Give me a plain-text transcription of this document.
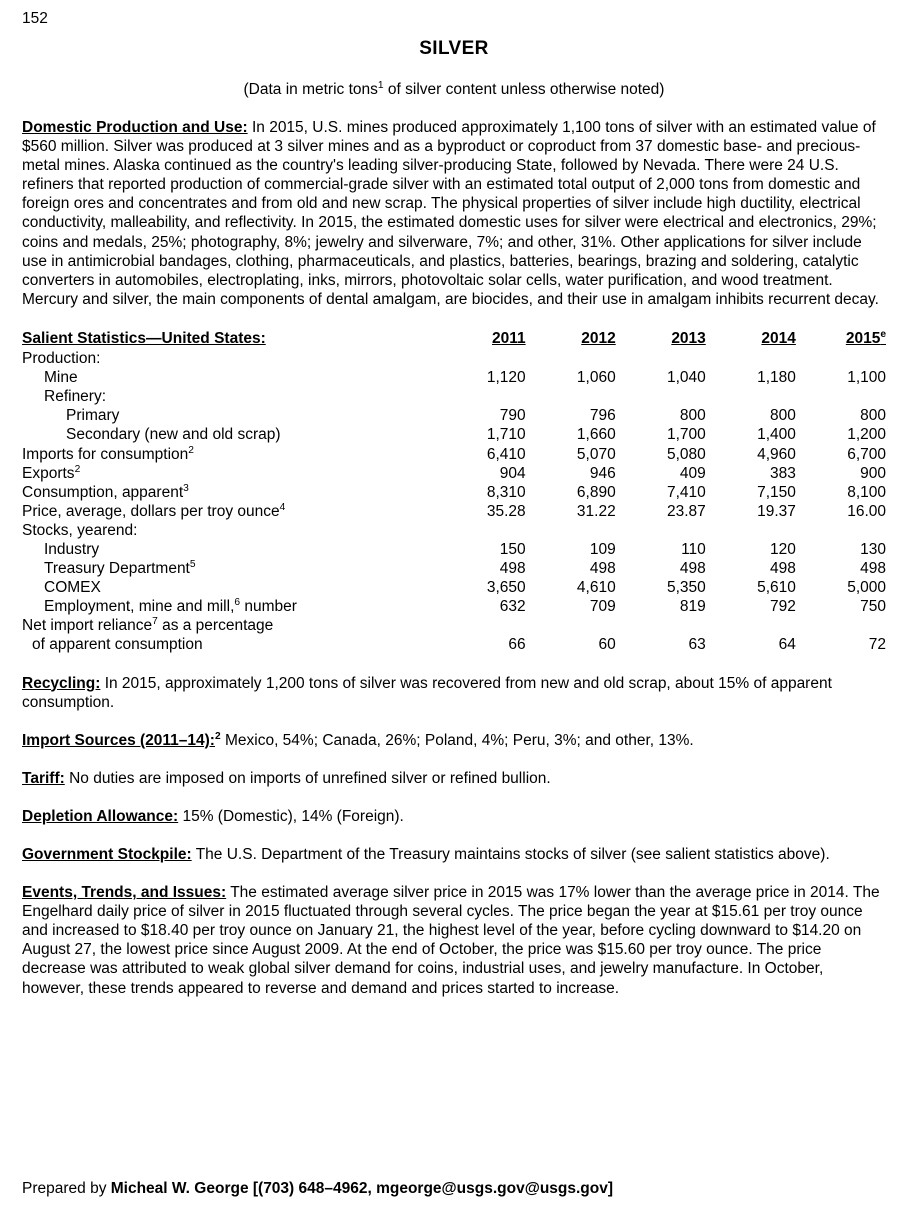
152
SILVER
(Data in metric tons$^1$ of silver content unless otherwise noted)

Domestic Production and Use: In 2015, U.S. mines produced approximately 1,100 tons of silver with an estimated value of $560 million. Silver was produced at 3 silver mines and as a byproduct or coproduct from 37 domestic base- and precious-metal mines. Alaska continued as the country's leading silver-producing State, followed by Nevada. There were 24 U.S. refiners that reported production of commercial-grade silver with an estimated total output of 2,000 tons from domestic and foreign ores and concentrates and from old and new scrap. The physical properties of silver include high ductility, electrical conductivity, malleability, and reflectivity. In 2015, the estimated domestic uses for silver were electrical and electronics, 29%; coins and medals, 25%; photography, 8%; jewelry and silverware, 7%; and other, 31%. Other applications for silver include use in antimicrobial bandages, clothing, pharmaceuticals, and plastics, batteries, bearings, brazing and soldering, catalytic converters in automobiles, electroplating, inks, mirrors, photovoltaic solar cells, water purification, and wood treatment. Mercury and silver, the main components of dental amalgam, are biocides, and their use in amalgam inhibits recurrent decay.

Salient Statistics—United States:	2011	2012	2013	2014	2015e
Production:					
Mine	1,120	1,060	1,040	1,180	1,100
Refinery:					
Primary	790	796	800	800	800
Secondary (new and old scrap)	1,710	1,660	1,700	1,400	1,200
Imports for consumption$^2$	6,410	5,070	5,080	4,960	6,700
Exports$^2$	904	946	409	383	900
Consumption, apparent$^3$	8,310	6,890	7,410	7,150	8,100
Price, average, dollars per troy ounce$^4$	35.28	31.22	23.87	19.37	16.00
Stocks, yearend:					
Industry	150	109	110	120	130
Treasury Department$^5$	498	498	498	498	498
COMEX	3,650	4,610	5,350	5,610	5,000
Employment, mine and mill,$^6$ number	632	709	819	792	750
Net import reliance$^7$ as a percentage					
of apparent consumption	66	60	63	64	72

Recycling: In 2015, approximately 1,200 tons of silver was recovered from new and old scrap, about 15% of apparent consumption.

Import Sources (2011–14):$^2$ Mexico, 54%; Canada, 26%; Poland, 4%; Peru, 3%; and other, 13%.

Tariff: No duties are imposed on imports of unrefined silver or refined bullion.

Depletion Allowance: 15% (Domestic), 14% (Foreign).

Government Stockpile: The U.S. Department of the Treasury maintains stocks of silver (see salient statistics above).

Events, Trends, and Issues: The estimated average silver price in 2015 was 17% lower than the average price in 2014. The Engelhard daily price of silver in 2015 fluctuated through several cycles. The price began the year at $15.61 per troy ounce and increased to $18.40 per troy ounce on January 21, the highest level of the year, before cycling downward to $14.20 on August 27, the lowest price since August 2009. At the end of October, the price was $15.60 per troy ounce. The price decrease was attributed to weak global silver demand for coins, industrial uses, and jewelry manufacture. In October, however, these trends appeared to reverse and demand and prices started to increase.

Prepared by Micheal W. George [(703) 648–4962, mgeorge@usgs.gov@usgs.gov]
